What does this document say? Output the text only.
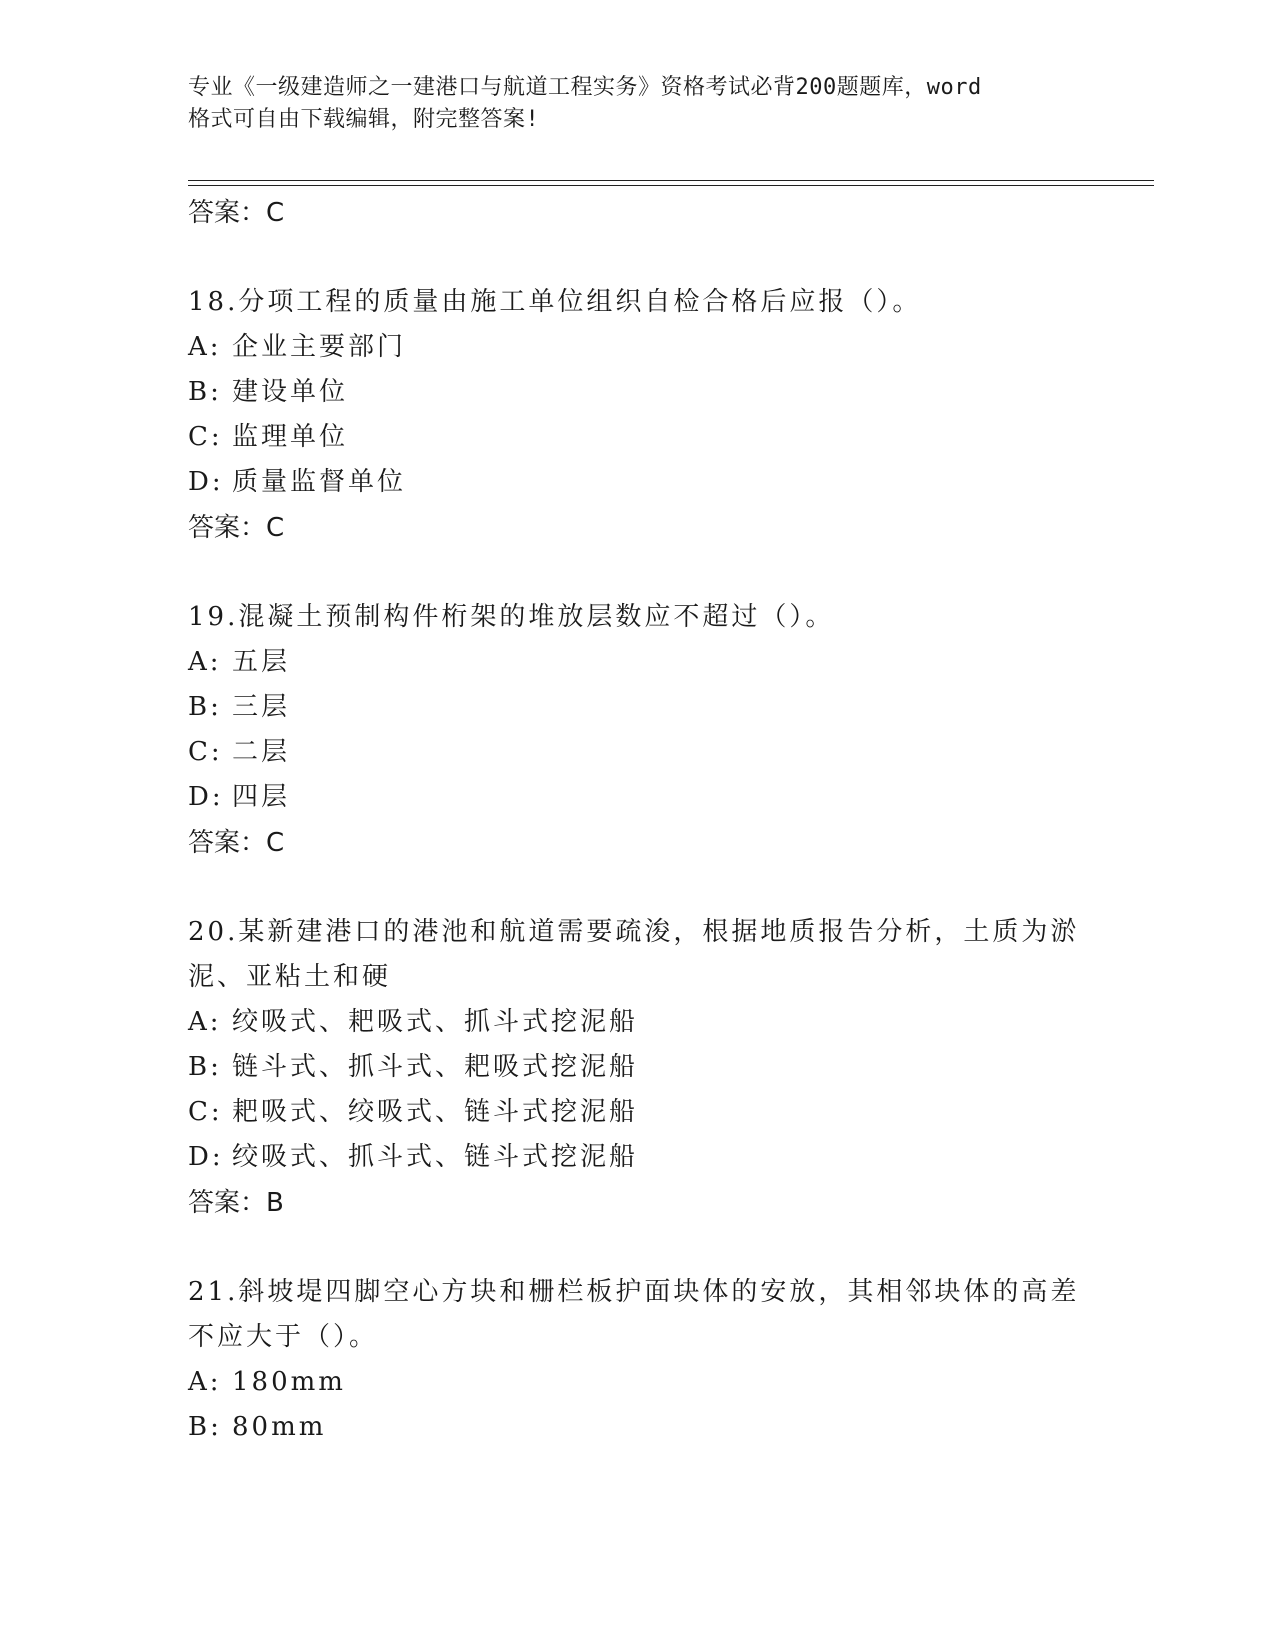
专业《一级建造师之一建港口与航道工程实务》资格考试必背200题题库，word
格式可自由下载编辑，附完整答案!
答案：C
18.分项工程的质量由施工单位组织自检合格后应报（）。
A: 企业主要部门
B: 建设单位
C: 监理单位
D: 质量监督单位
答案：C
19.混凝土预制构件桁架的堆放层数应不超过（）。
A: 五层
B: 三层
C: 二层
D: 四层
答案：C
20.某新建港口的港池和航道需要疏浚，根据地质报告分析，土质为淤
泥、亚粘土和硬
A: 绞吸式、耙吸式、抓斗式挖泥船
B: 链斗式、抓斗式、耙吸式挖泥船
C: 耙吸式、绞吸式、链斗式挖泥船
D: 绞吸式、抓斗式、链斗式挖泥船
答案：B
21.斜坡堤四脚空心方块和栅栏板护面块体的安放，其相邻块体的高差
不应大于（）。
A: 180mm
B: 80mm
